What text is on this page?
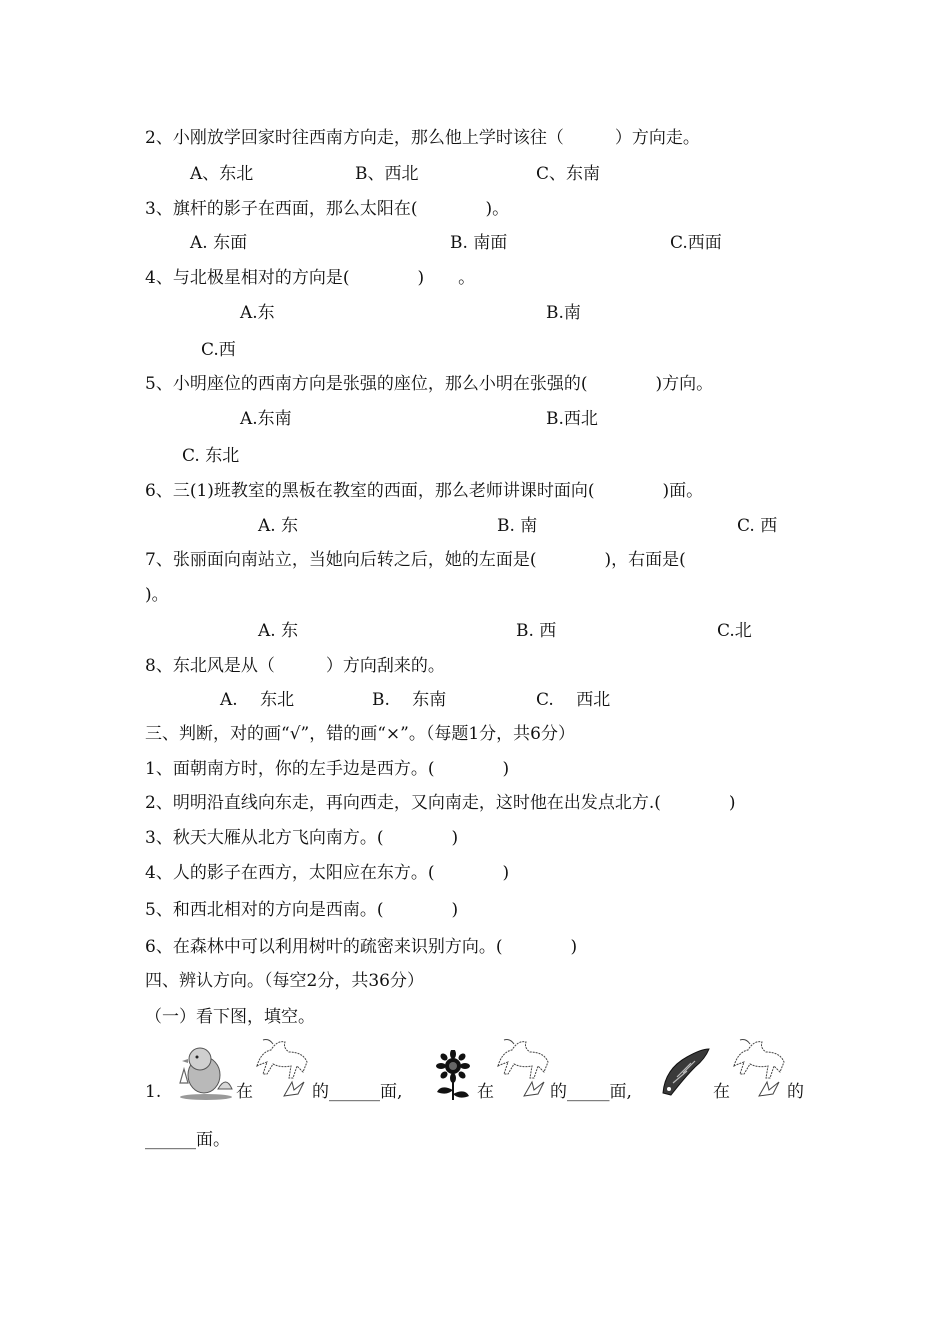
2、小刚放学回家时往西南方向走，那么他上学时该往（　　　）方向走。
A、东北	B、西北	C、东南
3、旗杆的影子在西面，那么太阳在(　　　　)。
A. 东面	B. 南面	C.西面
4、与北极星相对的方向是(　　　　)　　。
A.东	B.南
C.西
5、小明座位的西南方向是张强的座位，那么小明在张强的(　　　　)方向。
A.东南	B.西北
C. 东北
6、三(1)班教室的黑板在教室的西面，那么老师讲课时面向(　　　　)面。
A. 东	B. 南	C. 西
7、张丽面向南站立，当她向后转之后，她的左面是(　　　　)，右面是(
)。
A. 东	B. 西	C.北
8、东北风是从（　　　）方向刮来的。
A.　 东北	B.　 东南	C.　 西北
三、判断，对的画“√”，错的画“×”。（每题1分，共6分）
1、面朝南方时，你的左手边是西方。(　　　　)
2、明明沿直线向东走，再向西走，又向南走，这时他在出发点北方.(　　　　)
3、秋天大雁从北方飞向南方。(　　　　)
4、人的影子在西方，太阳应在东方。(　　　　)
5、和西北相对的方向是西南。(　　　　)
6、在森林中可以利用树叶的疏密来识别方向。(　　　　)
四、辨认方向。（每空2分，共36分）
（一）看下图，填空。
1.	在	的______面,	在	的_____面,	在	的
______面。
